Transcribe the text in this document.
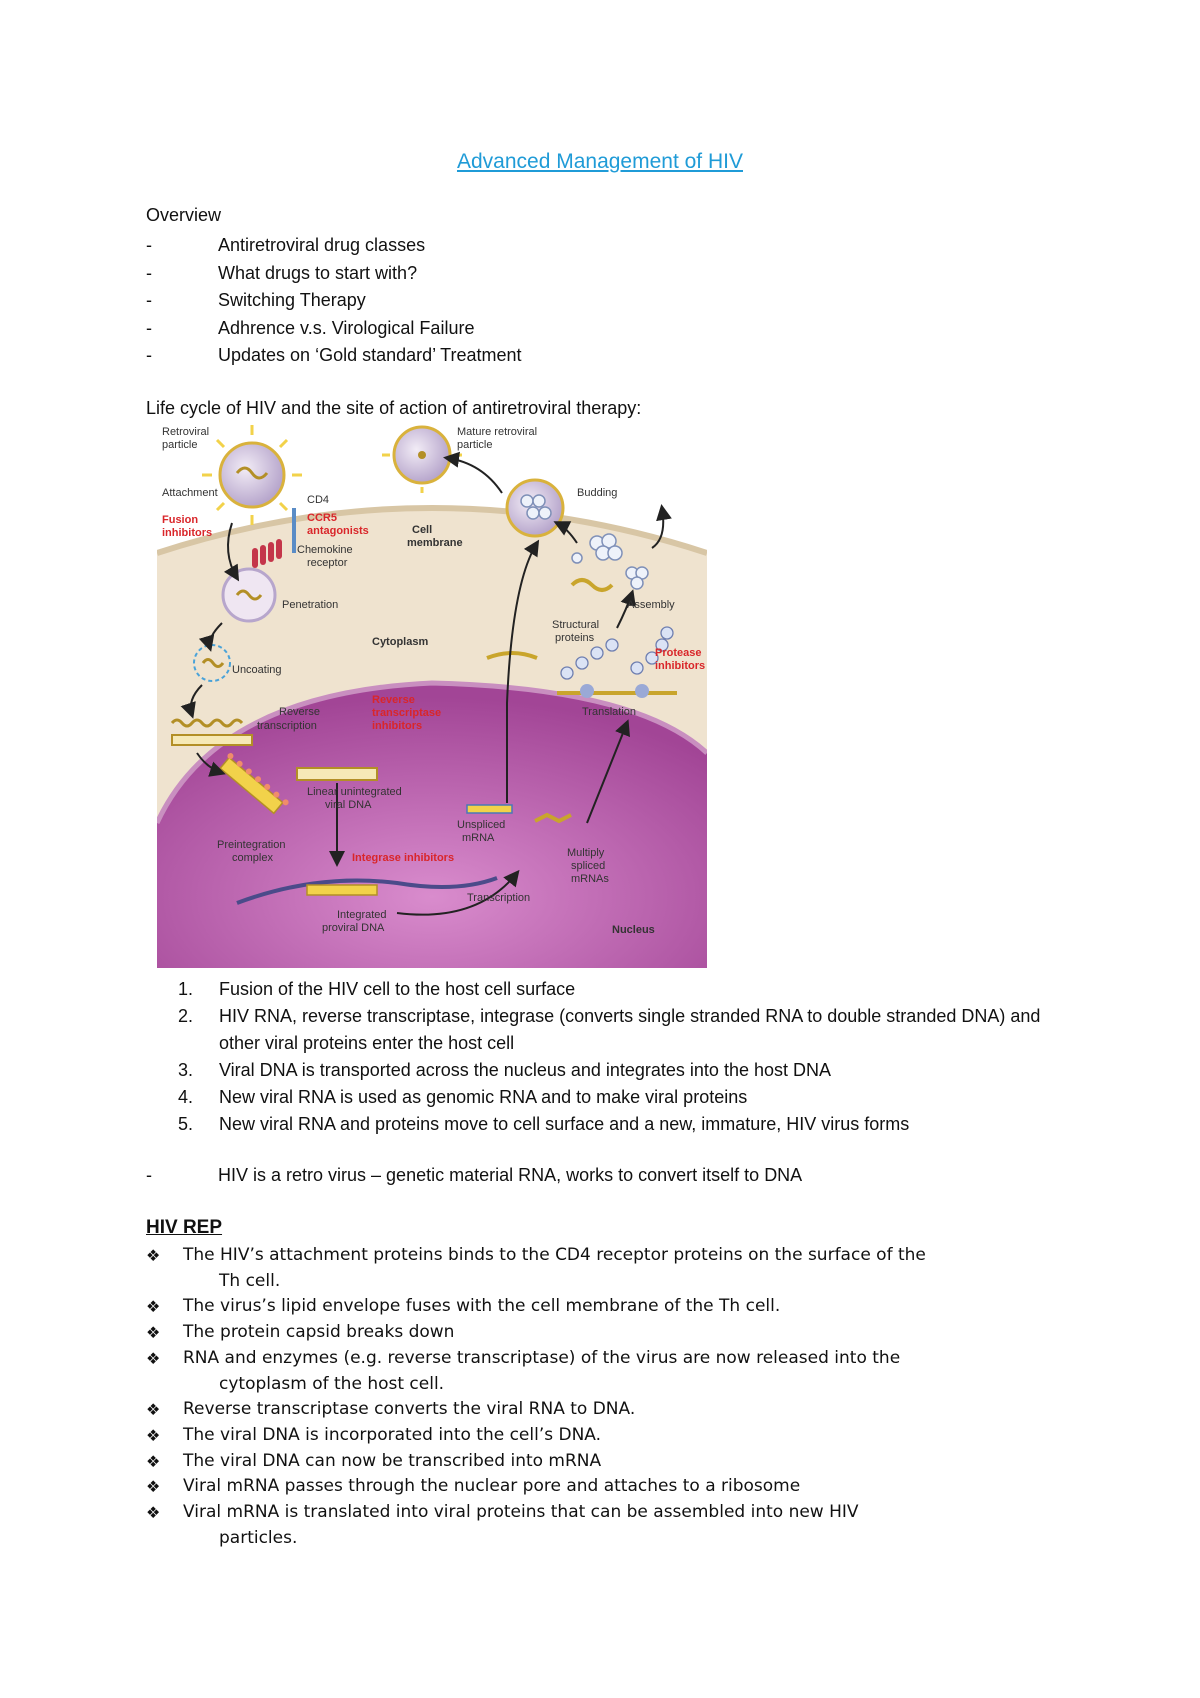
Advanced Management of HIV
Overview
-	Antiretroviral drug classes
-	What drugs to start with?
-	Switching Therapy
-	Adhrence v.s. Virological Failure
-	Updates on ‘Gold standard’ Treatment
Life cycle of HIV and the site of action of antiretroviral therapy:
Retroviral particle
Mature retroviral particle
Attachment
CD4
Fusion inhibitors
CCR5 antagonists
Chemokine receptor
Cell membrane
Budding
Assembly
Penetration
Cytoplasm
Uncoating
Structural proteins
Protease inhibitors
Reverse transcription
Reverse transcriptase inhibitors
Translation
Linear unintegrated viral DNA
Unspliced mRNA
Preintegration complex	Integrase inhibitors	Multiply spliced mRNAs
Integrated proviral DNA
Transcription
Nucleus
1.	Fusion of the HIV cell to the host cell surface
2.	HIV RNA, reverse transcriptase, integrase (converts single stranded RNA to double stranded DNA) and other viral proteins enter the host cell
3.	Viral DNA is transported across the nucleus and integrates into the host DNA
4.	New viral RNA is used as genomic RNA and to make viral proteins
5.	New viral RNA and proteins move to cell surface and a new, immature, HIV virus forms
-	HIV is a retro virus – genetic material RNA, works to convert itself to DNA
HIV REP
❖	The HIV’s attachment proteins binds to the CD4 receptor proteins on the surface of the
Th cell.
❖	The virus’s lipid envelope fuses with the cell membrane of the Th cell.
❖	The protein capsid breaks down
❖	RNA and enzymes (e.g. reverse transcriptase) of the virus are now released into the
cytoplasm of the host cell.
❖	Reverse transcriptase converts the viral RNA to DNA.
❖	The viral DNA is incorporated into the cell’s DNA.
❖	The viral DNA can now be transcribed into mRNA
❖	Viral mRNA passes through the nuclear pore and attaches to a ribosome
❖	Viral mRNA is translated into viral proteins that can be assembled into new HIV
particles.
